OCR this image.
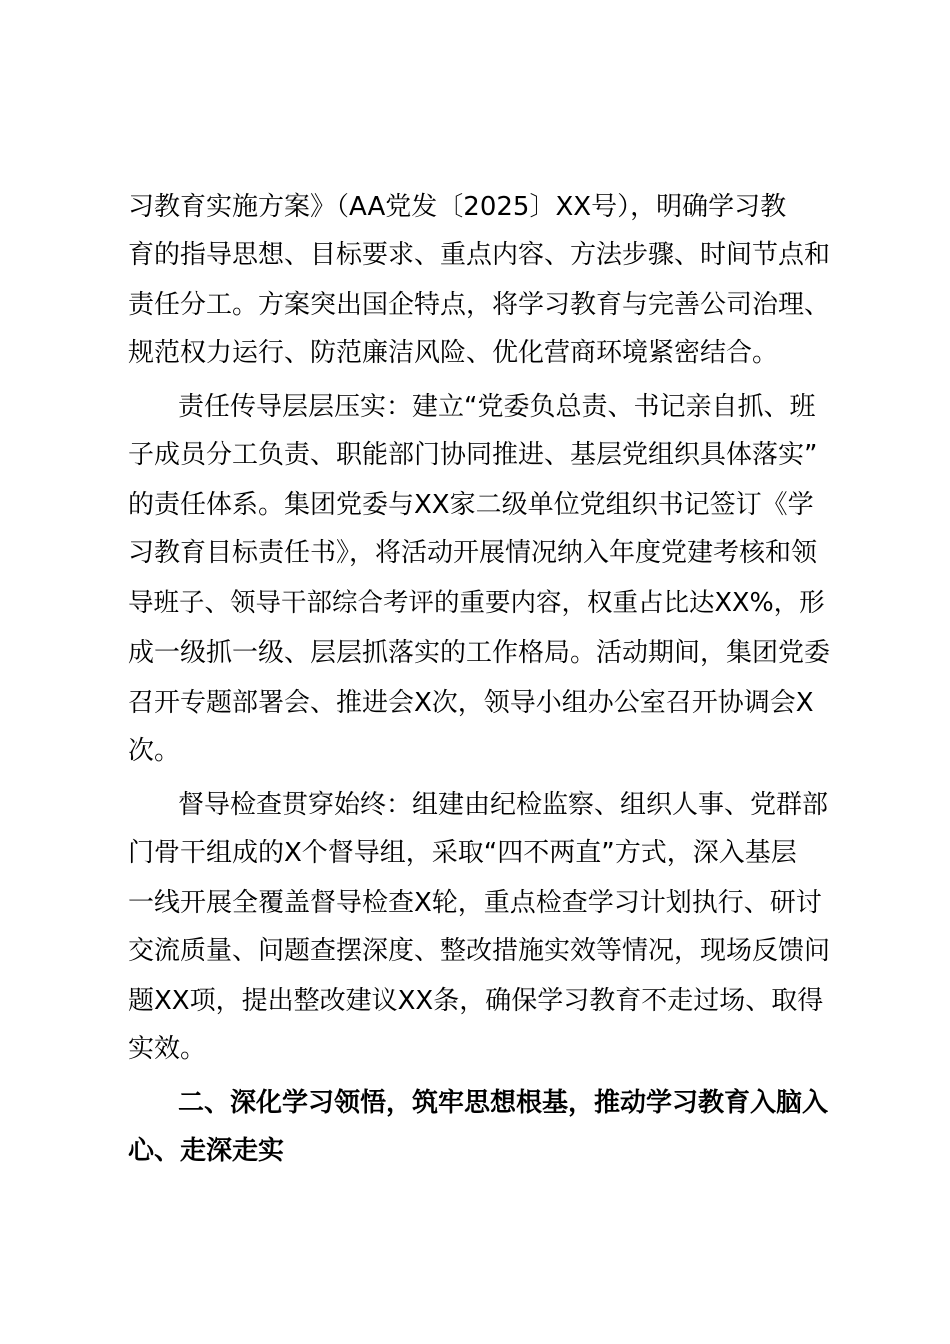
习教育实施方案》（AA党发〔2025〕XX号），明确学习教
育的指导思想、目标要求、重点内容、方法步骤、时间节点和
责任分工。方案突出国企特点，将学习教育与完善公司治理、
规范权力运行、防范廉洁风险、优化营商环境紧密结合。
责任传导层层压实：建立“党委负总责、书记亲自抓、班
子成员分工负责、职能部门协同推进、基层党组织具体落实”
的责任体系。集团党委与XX家二级单位党组织书记签订《学
习教育目标责任书》，将活动开展情况纳入年度党建考核和领
导班子、领导干部综合考评的重要内容，权重占比达XX%，形
成一级抓一级、层层抓落实的工作格局。活动期间，集团党委
召开专题部署会、推进会X次，领导小组办公室召开协调会X
次。
督导检查贯穿始终：组建由纪检监察、组织人事、党群部
门骨干组成的X个督导组，采取“四不两直”方式，深入基层
一线开展全覆盖督导检查X轮，重点检查学习计划执行、研讨
交流质量、问题查摆深度、整改措施实效等情况，现场反馈问
题XX项，提出整改建议XX条，确保学习教育不走过场、取得
实效。
二、深化学习领悟，筑牢思想根基，推动学习教育入脑入
心、走深走实
